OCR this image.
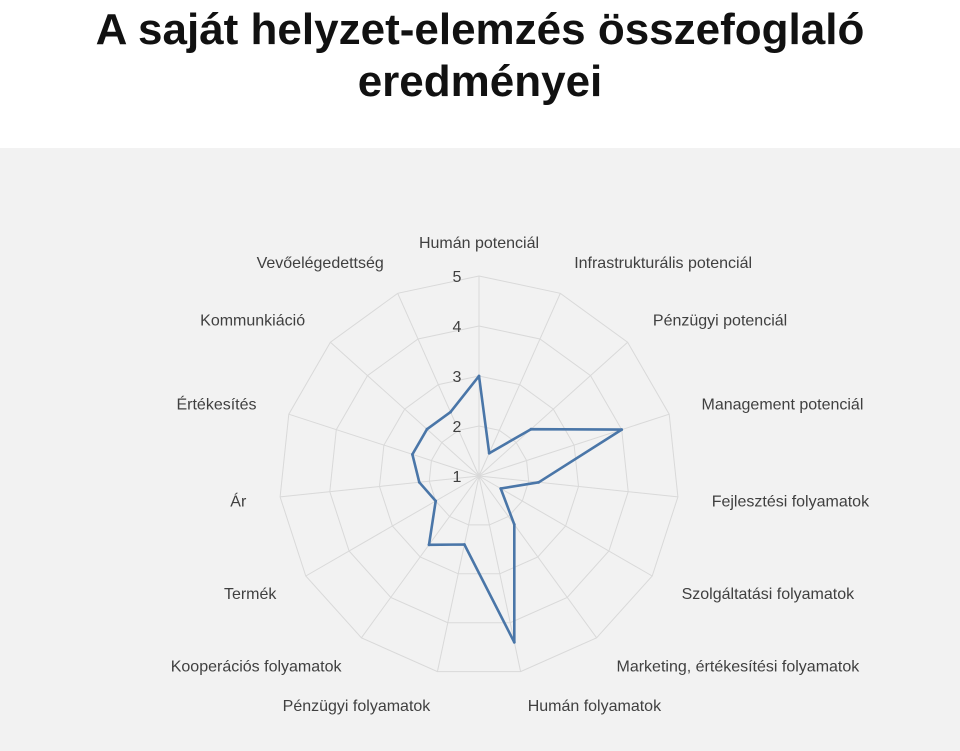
A saját helyzet-elemzés összefoglaló eredményei
1
2
3
4
5
Humán potenciál
Infrastrukturális potenciál
Pénzügyi potenciál
Management potenciál
Fejlesztési folyamatok
Szolgáltatási folyamatok
Marketing, értékesítési folyamatok
Humán folyamatok
Pénzügyi folyamatok
Kooperációs folyamatok
Termék
Ár
Értékesítés
Kommunkiáció
Vevőelégedettség
